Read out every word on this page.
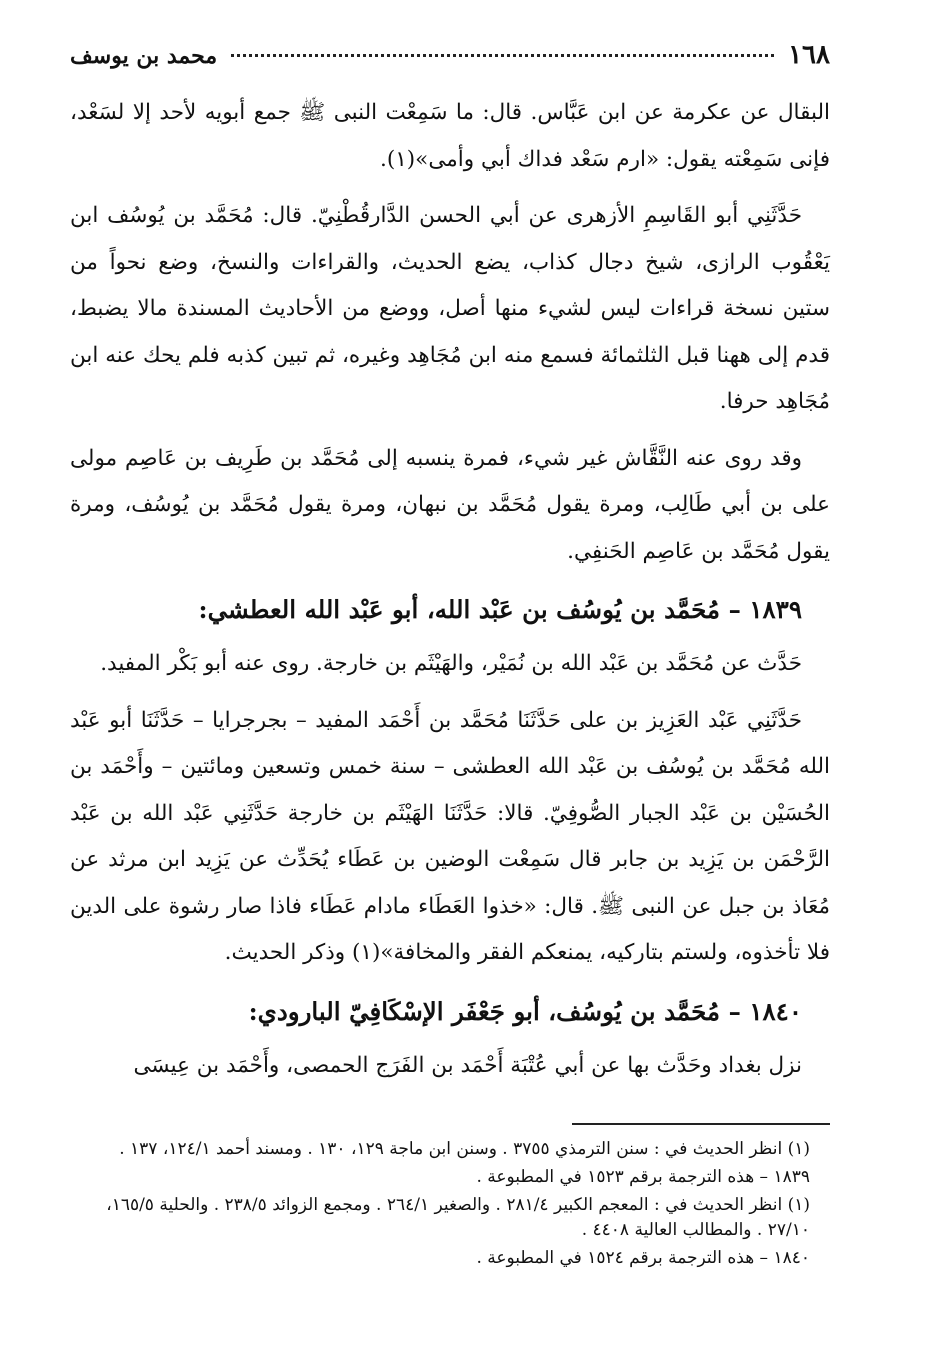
١٦٨
محمد بن يوسف

البقال عن عكرمة عن ابن عَبَّاس. قال: ما سَمِعْت النبى ﷺ جمع أبويه لأحد إلا لسَعْد، فإنى سَمِعْته يقول: «ارم سَعْد فداك أبي وأمى»(١).

حَدَّثَنِي أبو القَاسِمِ الأزهرى عن أبي الحسن الدَّارقُطْنِيّ. قال: مُحَمَّد بن يُوسُف ابن يَعْقُوب الرازى، شيخ دجال كذاب، يضع الحديث، والقراءات والنسخ، وضع نحواً من ستين نسخة قراءات ليس لشيء منها أصل، ووضع من الأحاديث المسندة مالا يضبط، قدم إلى ههنا قبل الثلثمائة فسمع منه ابن مُجَاهِد وغيره، ثم تبين كذبه فلم يحك عنه ابن مُجَاهِد حرفا.

وقد روى عنه النَّقَّاش غير شيء، فمرة ينسبه إلى مُحَمَّد بن طَرِيف بن عَاصِم مولى على بن أبي طَالِب، ومرة يقول مُحَمَّد بن نبهان، ومرة يقول مُحَمَّد بن يُوسُف، ومرة يقول مُحَمَّد بن عَاصِم الحَنفِي.

١٨٣٩ – مُحَمَّد بن يُوسُف بن عَبْد الله، أبو عَبْد الله العطشي:

حَدَّث عن مُحَمَّد بن عَبْد الله بن نُمَيْر، والهَيْثَم بن خارجة. روى عنه أبو بَكْر المفيد.

حَدَّثَنِي عَبْد العَزِيز بن على حَدَّثَنَا مُحَمَّد بن أَحْمَد المفيد – بجرجرايا – حَدَّثَنَا أبو عَبْد الله مُحَمَّد بن يُوسُف بن عَبْد الله العطشى – سنة خمس وتسعين ومائتين – وأَحْمَد بن الحُسَيْن بن عَبْد الجبار الصُّوفِيّ. قالا: حَدَّثَنَا الهَيْثَم بن خارجة حَدَّثَنِي عَبْد الله بن عَبْد الرَّحْمَن بن يَزِيد بن جابر قال سَمِعْت الوضين بن عَطَاء يُحَدِّث عن يَزِيد ابن مرثد عن مُعَاذ بن جبل عن النبى ﷺ. قال: «خذوا العَطَاء مادام عَطَاء فاذا صار رشوة على الدين فلا تأخذوه، ولستم بتاركيه، يمنعكم الفقر والمخافة»(١) وذكر الحديث.

١٨٤٠ – مُحَمَّد بن يُوسُف، أبو جَعْفَر الإسْكَافِيّ البارودي:

نزل بغداد وحَدَّث بها عن أبي عُتْبَة أَحْمَد بن الفَرَج الحمصى، وأَحْمَد بن عِيسَى

(١) انظر الحديث في : سنن الترمذي ٣٧٥٥ . وسنن ابن ماجة ١٢٩، ١٣٠ . ومسند أحمد ١٢٤/١، ١٣٧ .
١٨٣٩ – هذه الترجمة برقم ١٥٢٣ في المطبوعة .
(١) انظر الحديث في : المعجم الكبير ٢٨١/٤ . والصغير ٢٦٤/١ . ومجمع الزوائد ٢٣٨/٥ . والحلية ١٦٥/٥، ٢٧/١٠ . والمطالب العالية ٤٤٠٨ .
١٨٤٠ – هذه الترجمة برقم ١٥٢٤ في المطبوعة .
